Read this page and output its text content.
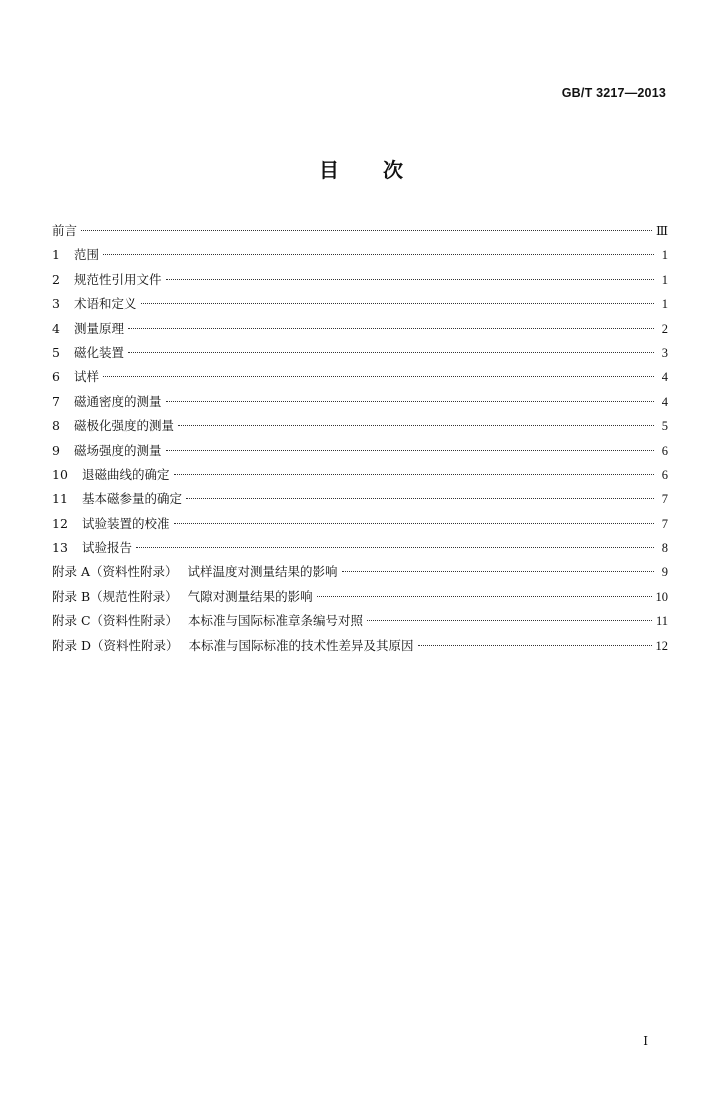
GB/T 3217—2013
目次
前言	Ⅲ
1	范围	1
2	规范性引用文件	1
3	术语和定义	1
4	测量原理	2
5	磁化装置	3
6	试样	4
7	磁通密度的测量	4
8	磁极化强度的测量	5
9	磁场强度的测量	6
10	退磁曲线的确定	6
11	基本磁参量的确定	7
12	试验装置的校准	7
13	试验报告	8
附录 A（资料性附录） 试样温度对测量结果的影响	9
附录 B（规范性附录） 气隙对测量结果的影响	10
附录 C（资料性附录） 本标准与国际标准章条编号对照	11
附录 D（资料性附录） 本标准与国际标准的技术性差异及其原因	12
Ⅰ
